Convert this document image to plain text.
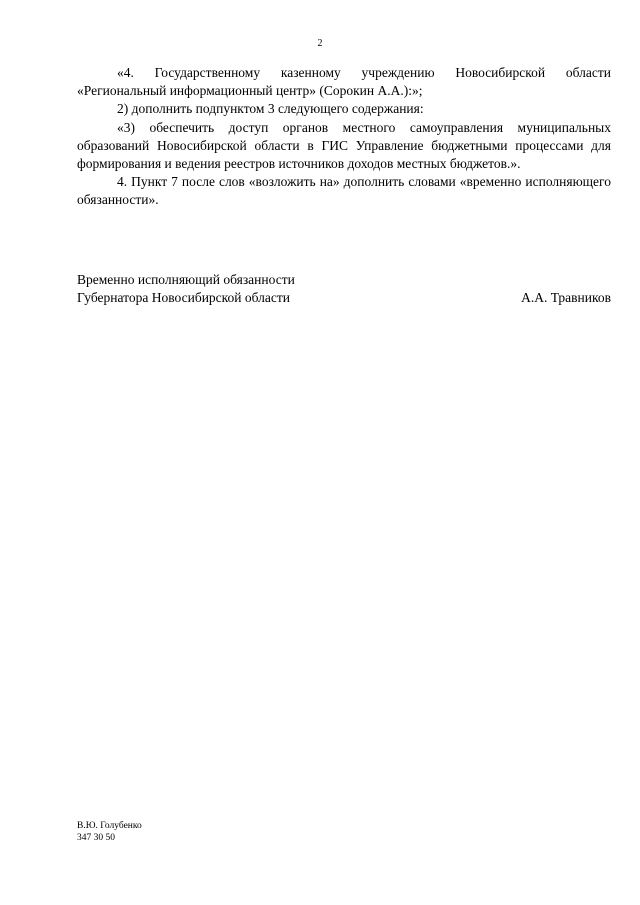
2

«4. Государственному казенному учреждению Новосибирской области «Региональный информационный центр» (Сорокин А.А.):»;

2) дополнить подпунктом 3 следующего содержания:

«3) обеспечить доступ органов местного самоуправления муниципальных образований Новосибирской области в ГИС Управление бюджетными процессами для формирования и ведения реестров источников доходов местных бюджетов.».

4. Пункт 7 после слов «возложить на» дополнить словами «временно исполняющего обязанности».

Временно исполняющий обязанности
Губернатора Новосибирской области	А.А. Травников
В.Ю. Голубенко
347 30 50
